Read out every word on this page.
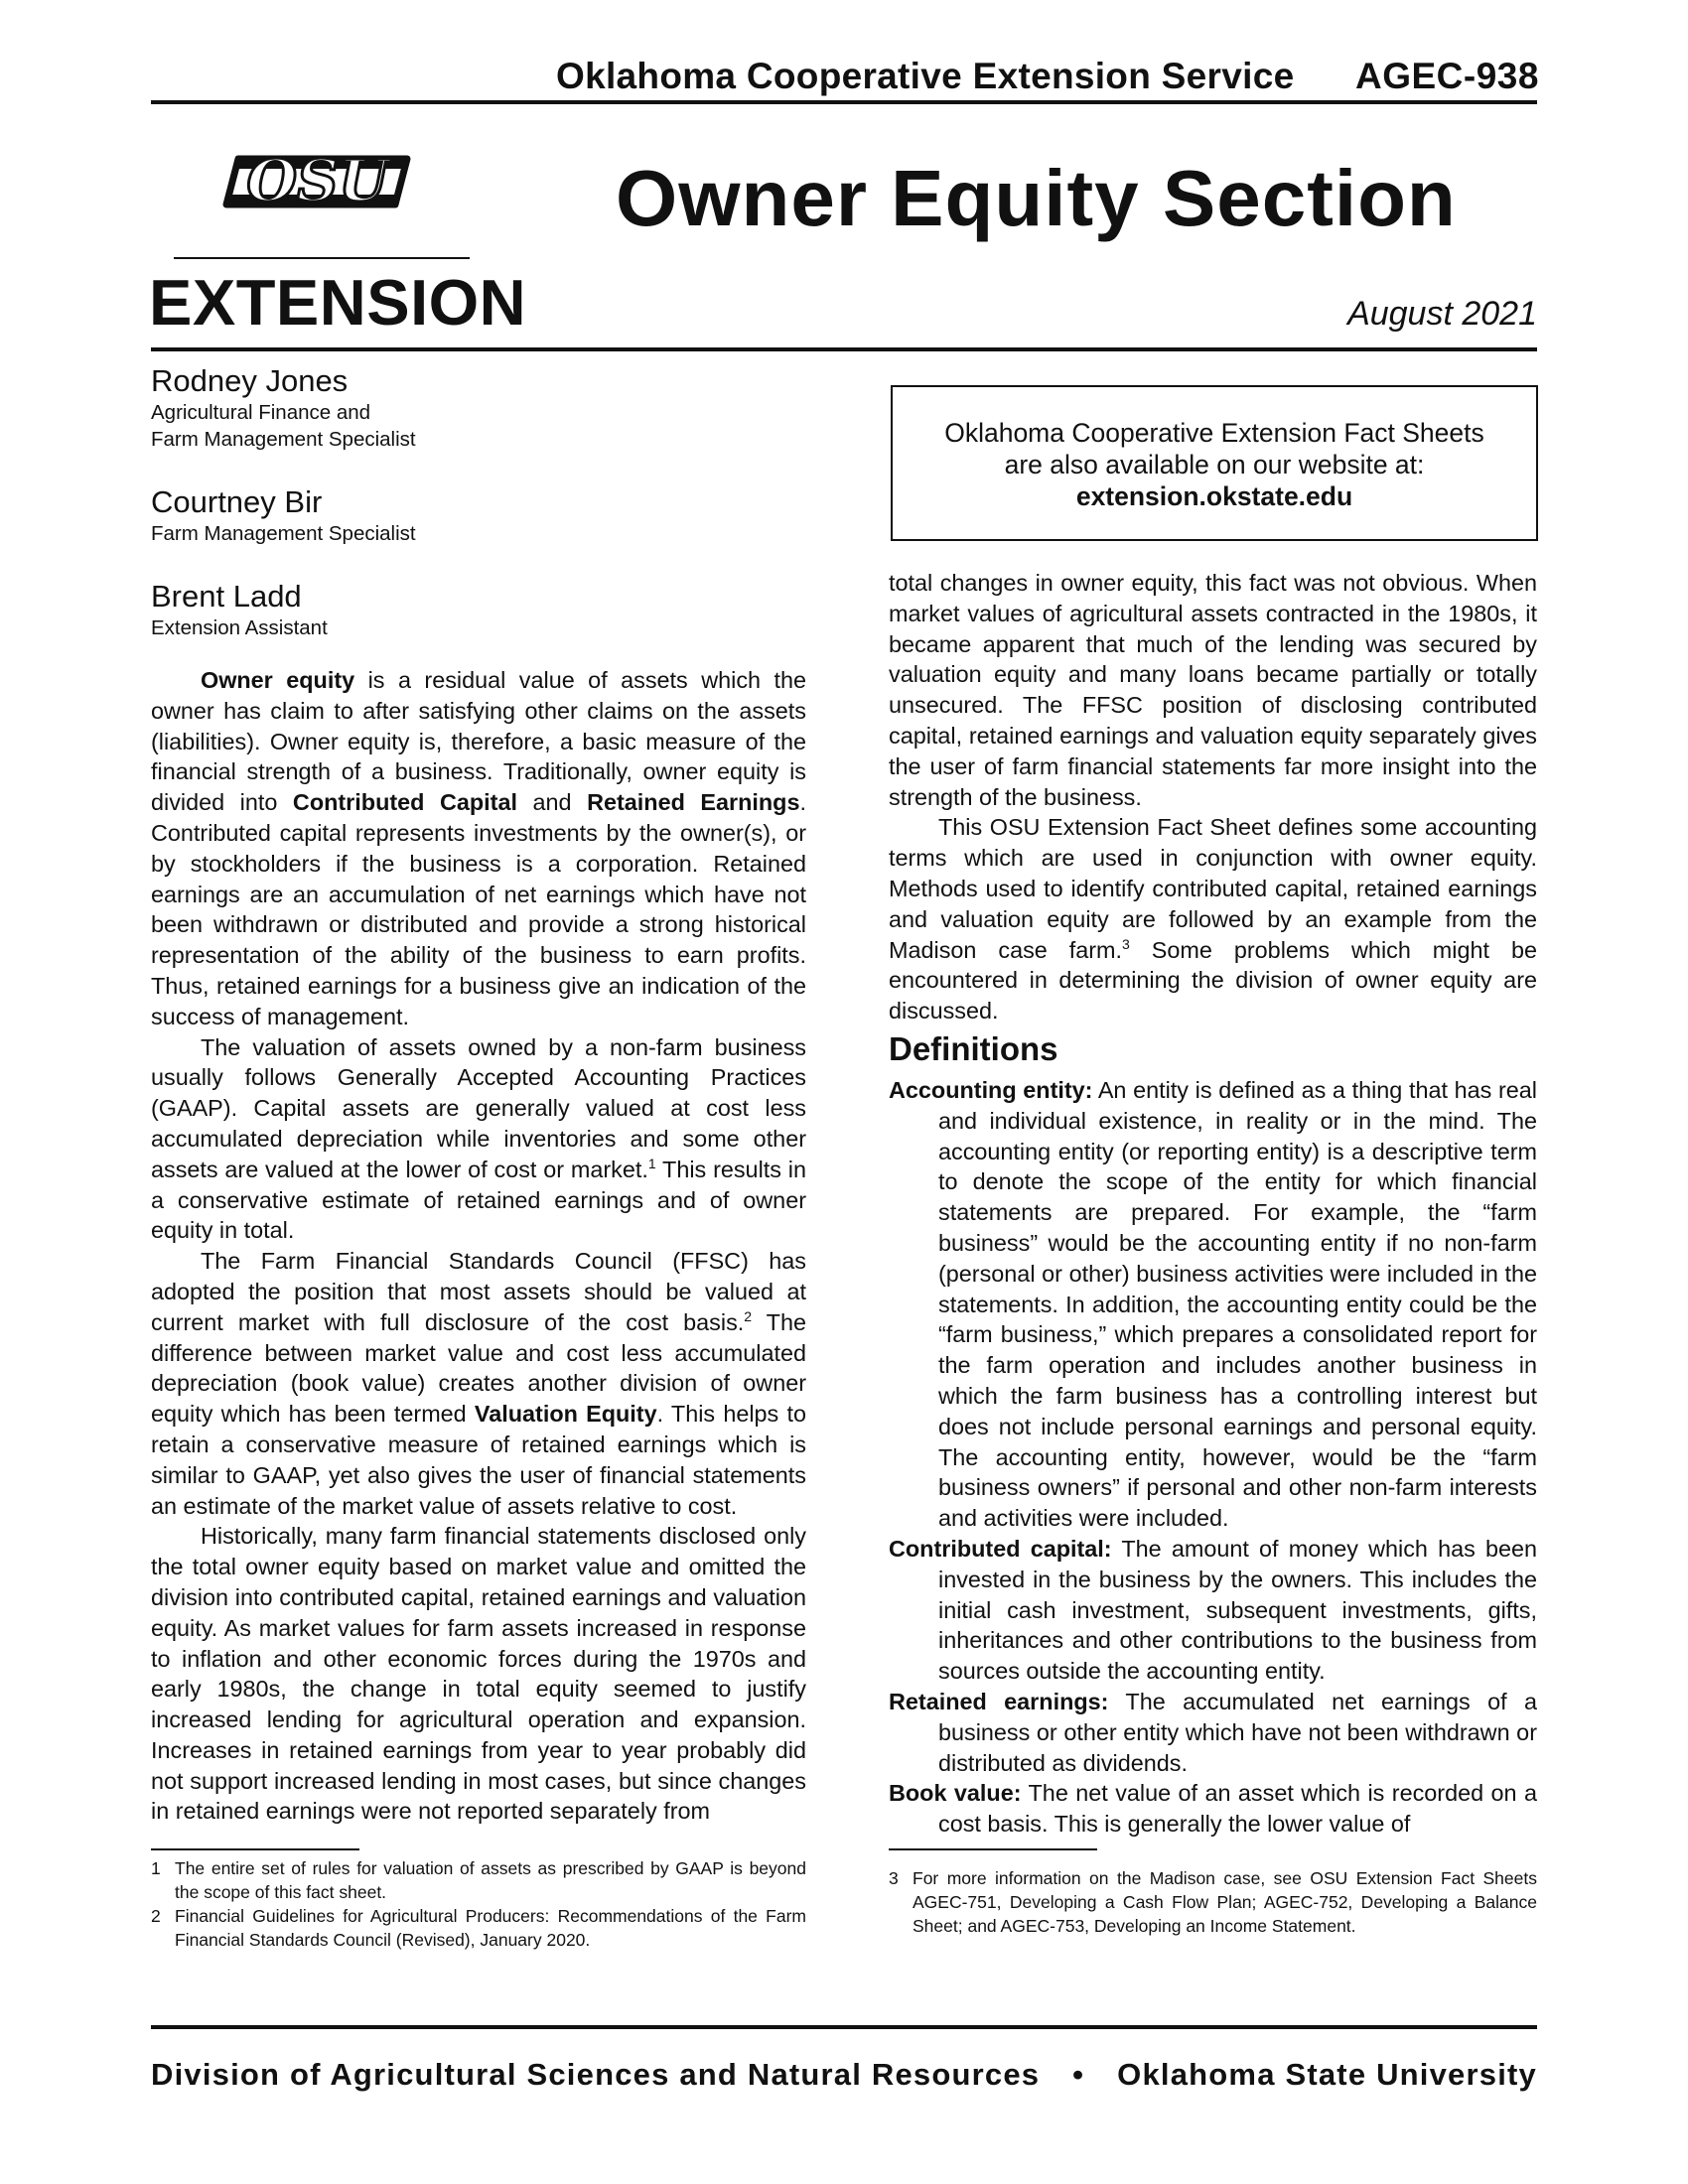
Oklahoma Cooperative Extension Service AGEC-938
OSU
EXTENSION
Owner Equity Section
August 2021
Rodney Jones
Agricultural Finance and
Farm Management Specialist
Courtney Bir
Farm Management Specialist
Brent Ladd
Extension Assistant
Oklahoma Cooperative Extension Fact Sheets
are also available on our website at:
extension.okstate.edu

Owner equity is a residual value of assets which the owner has claim to after satisfying other claims on the assets (liabilities). Owner equity is, therefore, a basic measure of the financial strength of a business. Traditionally, owner equity is divided into Contributed Capital and Retained Earnings. Contributed capital represents investments by the owner(s), or by stockholders if the business is a corporation. Retained earnings are an accumulation of net earnings which have not been withdrawn or distributed and provide a strong historical representation of the ability of the business to earn profits. Thus, retained earnings for a business give an indication of the success of management.

The valuation of assets owned by a non-farm business usually follows Generally Accepted Accounting Practices (GAAP). Capital assets are generally valued at cost less accumulated depreciation while inventories and some other assets are valued at the lower of cost or market.$^1$ This results in a conservative estimate of retained earnings and of owner equity in total.

The Farm Financial Standards Council (FFSC) has adopted the position that most assets should be valued at current market with full disclosure of the cost basis.$^2$ The difference between market value and cost less accumulated depreciation (book value) creates another division of owner equity which has been termed Valuation Equity. This helps to retain a conservative measure of retained earnings which is similar to GAAP, yet also gives the user of financial statements an estimate of the market value of assets relative to cost.

Historically, many farm financial statements disclosed only the total owner equity based on market value and omitted the division into contributed capital, retained earnings and valuation equity. As market values for farm assets increased in response to inflation and other economic forces during the 1970s and early 1980s, the change in total equity seemed to justify increased lending for agricultural operation and expansion. Increases in retained earnings from year to year probably did not support increased lending in most cases, but since changes in retained earnings were not reported separately from

total changes in owner equity, this fact was not obvious. When market values of agricultural assets contracted in the 1980s, it became apparent that much of the lending was secured by valuation equity and many loans became partially or totally unsecured. The FFSC position of disclosing contributed capital, retained earnings and valuation equity separately gives the user of farm financial statements far more insight into the strength of the business.

This OSU Extension Fact Sheet defines some accounting terms which are used in conjunction with owner equity. Methods used to identify contributed capital, retained earnings and valuation equity are followed by an example from the Madison case farm.$^3$ Some problems which might be encountered in determining the division of owner equity are discussed.

Definitions

Accounting entity: An entity is defined as a thing that has real and individual existence, in reality or in the mind. The accounting entity (or reporting entity) is a descriptive term to denote the scope of the entity for which financial statements are prepared. For example, the “farm business” would be the accounting entity if no non-farm (personal or other) business activities were included in the statements. In addition, the accounting entity could be the “farm business,” which prepares a consolidated report for the farm operation and includes another business in which the farm business has a controlling interest but does not include personal earnings and personal equity. The accounting entity, however, would be the “farm business owners” if personal and other non-farm interests and activities were included.

Contributed capital: The amount of money which has been invested in the business by the owners. This includes the initial cash investment, subsequent investments, gifts, inheritances and other contributions to the business from sources outside the accounting entity.

Retained earnings: The accumulated net earnings of a business or other entity which have not been withdrawn or distributed as dividends.

Book value: The net value of an asset which is recorded on a cost basis. This is generally the lower value of

1 The entire set of rules for valuation of assets as prescribed by GAAP is beyond the scope of this fact sheet.
2 Financial Guidelines for Agricultural Producers: Recommendations of the Farm Financial Standards Council (Revised), January 2020.
3 For more information on the Madison case, see OSU Extension Fact Sheets AGEC-751, Developing a Cash Flow Plan; AGEC-752, Developing a Balance Sheet; and AGEC-753, Developing an Income Statement.
Division of Agricultural Sciences and Natural Resources • Oklahoma State University
